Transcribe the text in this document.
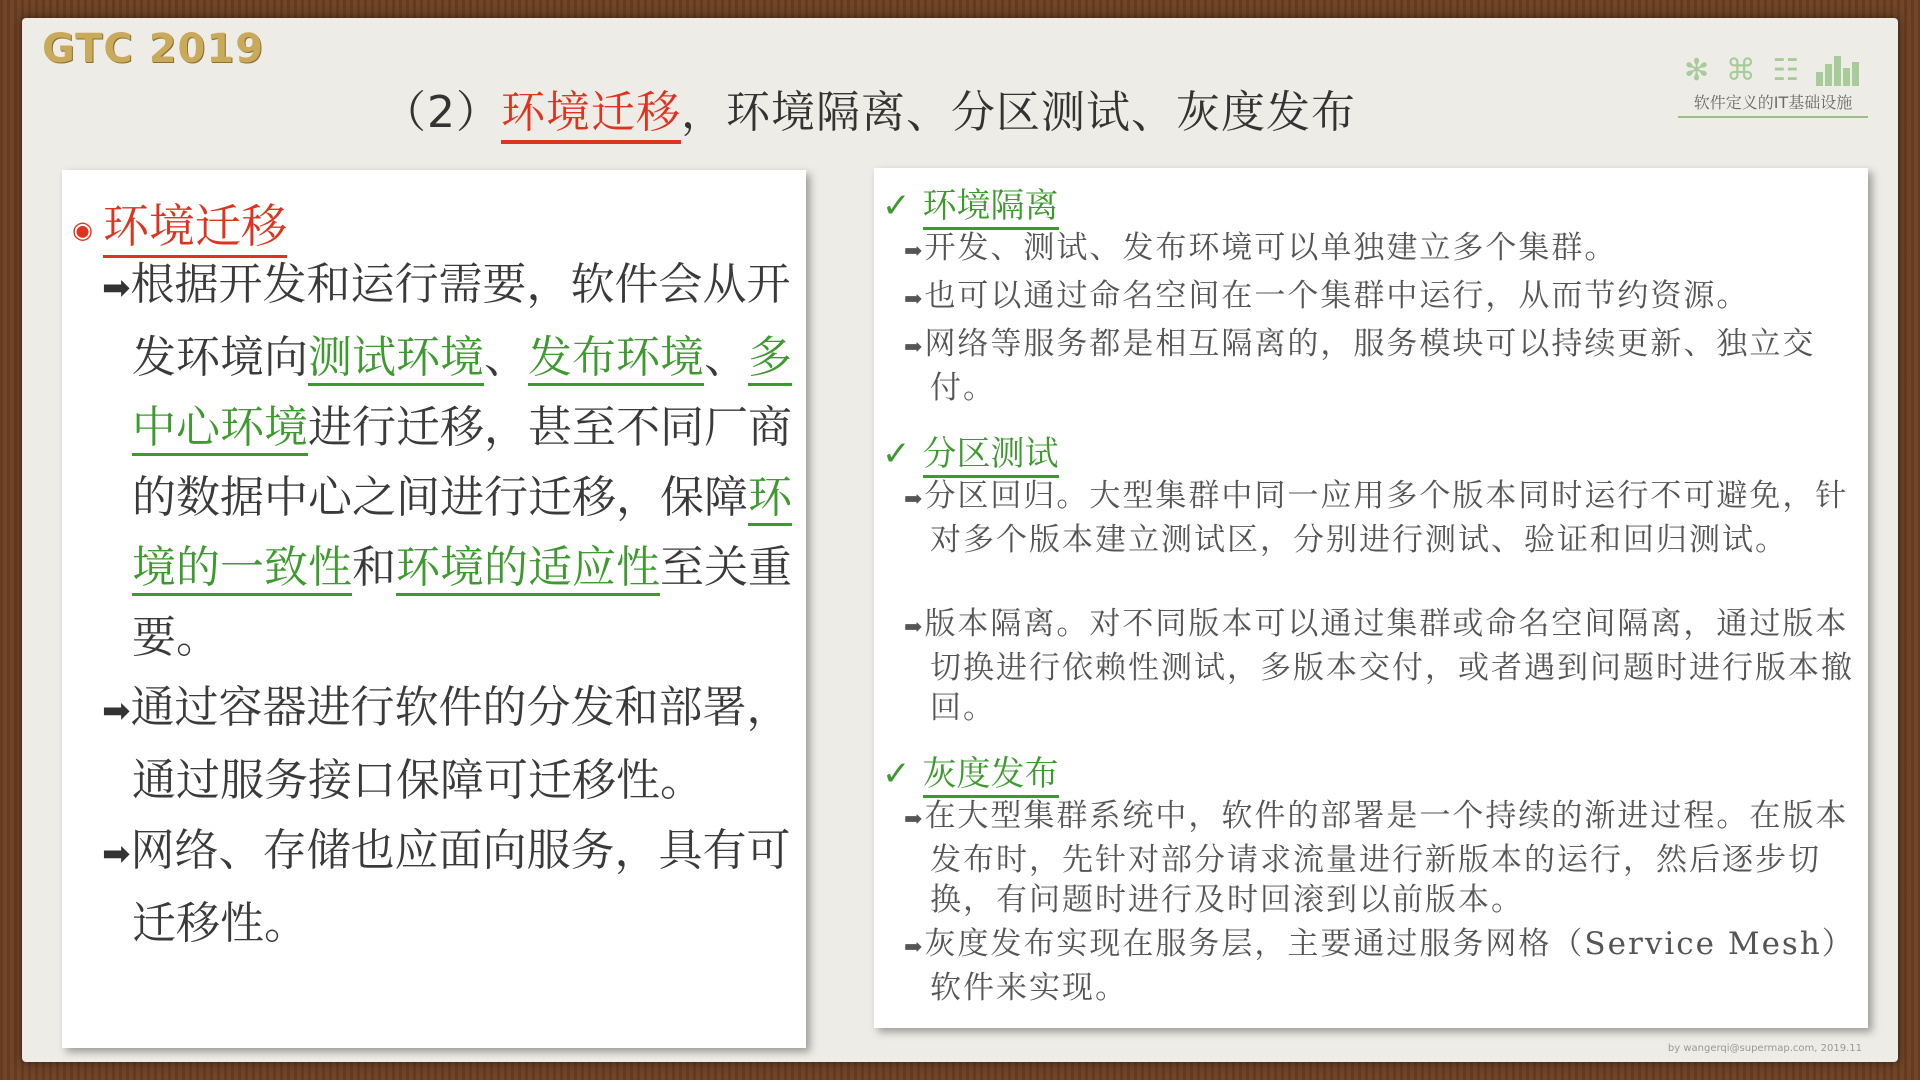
GTC 2019	✻ ⌘ ☷
软件定义的IT基础设施
（2）环境迁移，环境隔离、分区测试、灰度发布
◉ 环境迁移

➡根据开发和运行需要，软件会从开发环境向测试环境、发布环境、多中心环境进行迁移，甚至不同厂商的数据中心之间进行迁移，保障环境的一致性和环境的适应性至关重要。

➡通过容器进行软件的分发和部署，通过服务接口保障可迁移性。

➡网络、存储也应面向服务，具有可迁移性。

✓ 环境隔离
➡开发、测试、发布环境可以单独建立多个集群。
➡也可以通过命名空间在一个集群中运行，从而节约资源。
➡网络等服务都是相互隔离的，服务模块可以持续更新、独立交付。
✓ 分区测试
➡分区回归。大型集群中同一应用多个版本同时运行不可避免，针对多个版本建立测试区，分别进行测试、验证和回归测试。
➡版本隔离。对不同版本可以通过集群或命名空间隔离，通过版本切换进行依赖性测试，多版本交付，或者遇到问题时进行版本撤回。
✓ 灰度发布
➡在大型集群系统中，软件的部署是一个持续的渐进过程。在版本发布时，先针对部分请求流量进行新版本的运行，然后逐步切换，有问题时进行及时回滚到以前版本。
➡灰度发布实现在服务层，主要通过服务网格（Service Mesh）软件来实现。
by wangerqi@supermap.com, 2019.11
